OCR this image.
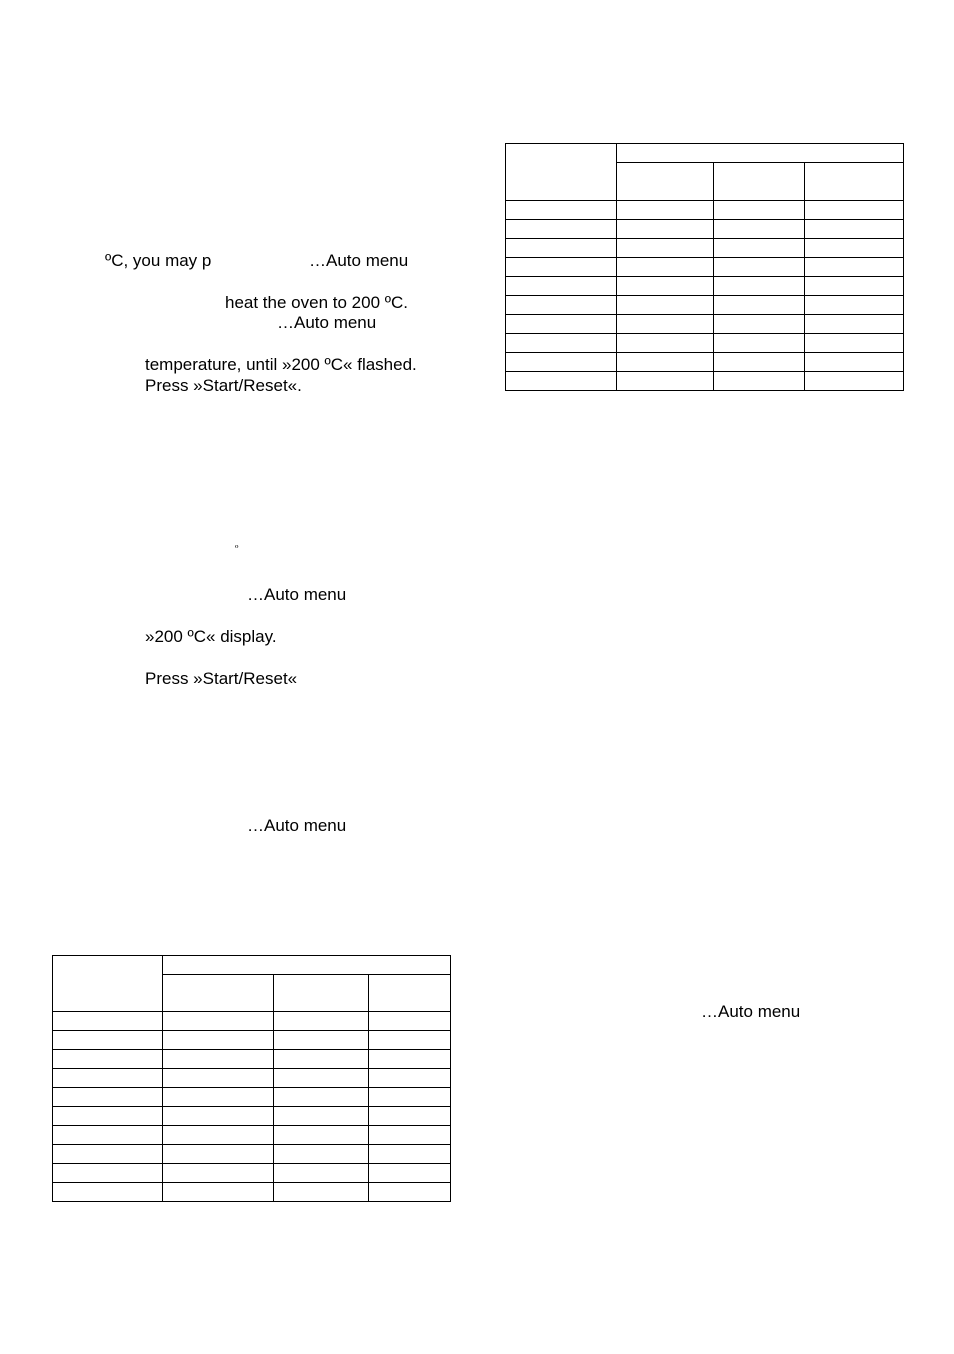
ºC, you may p	…Auto menu
heat the oven to 200 ºC.
…Auto menu
temperature, until »200 ºC« flashed.
Press »Start/Reset«.
º
…Auto menu
»200 ºC« display.
Press »Start/Reset«
…Auto menu
…Auto menu
